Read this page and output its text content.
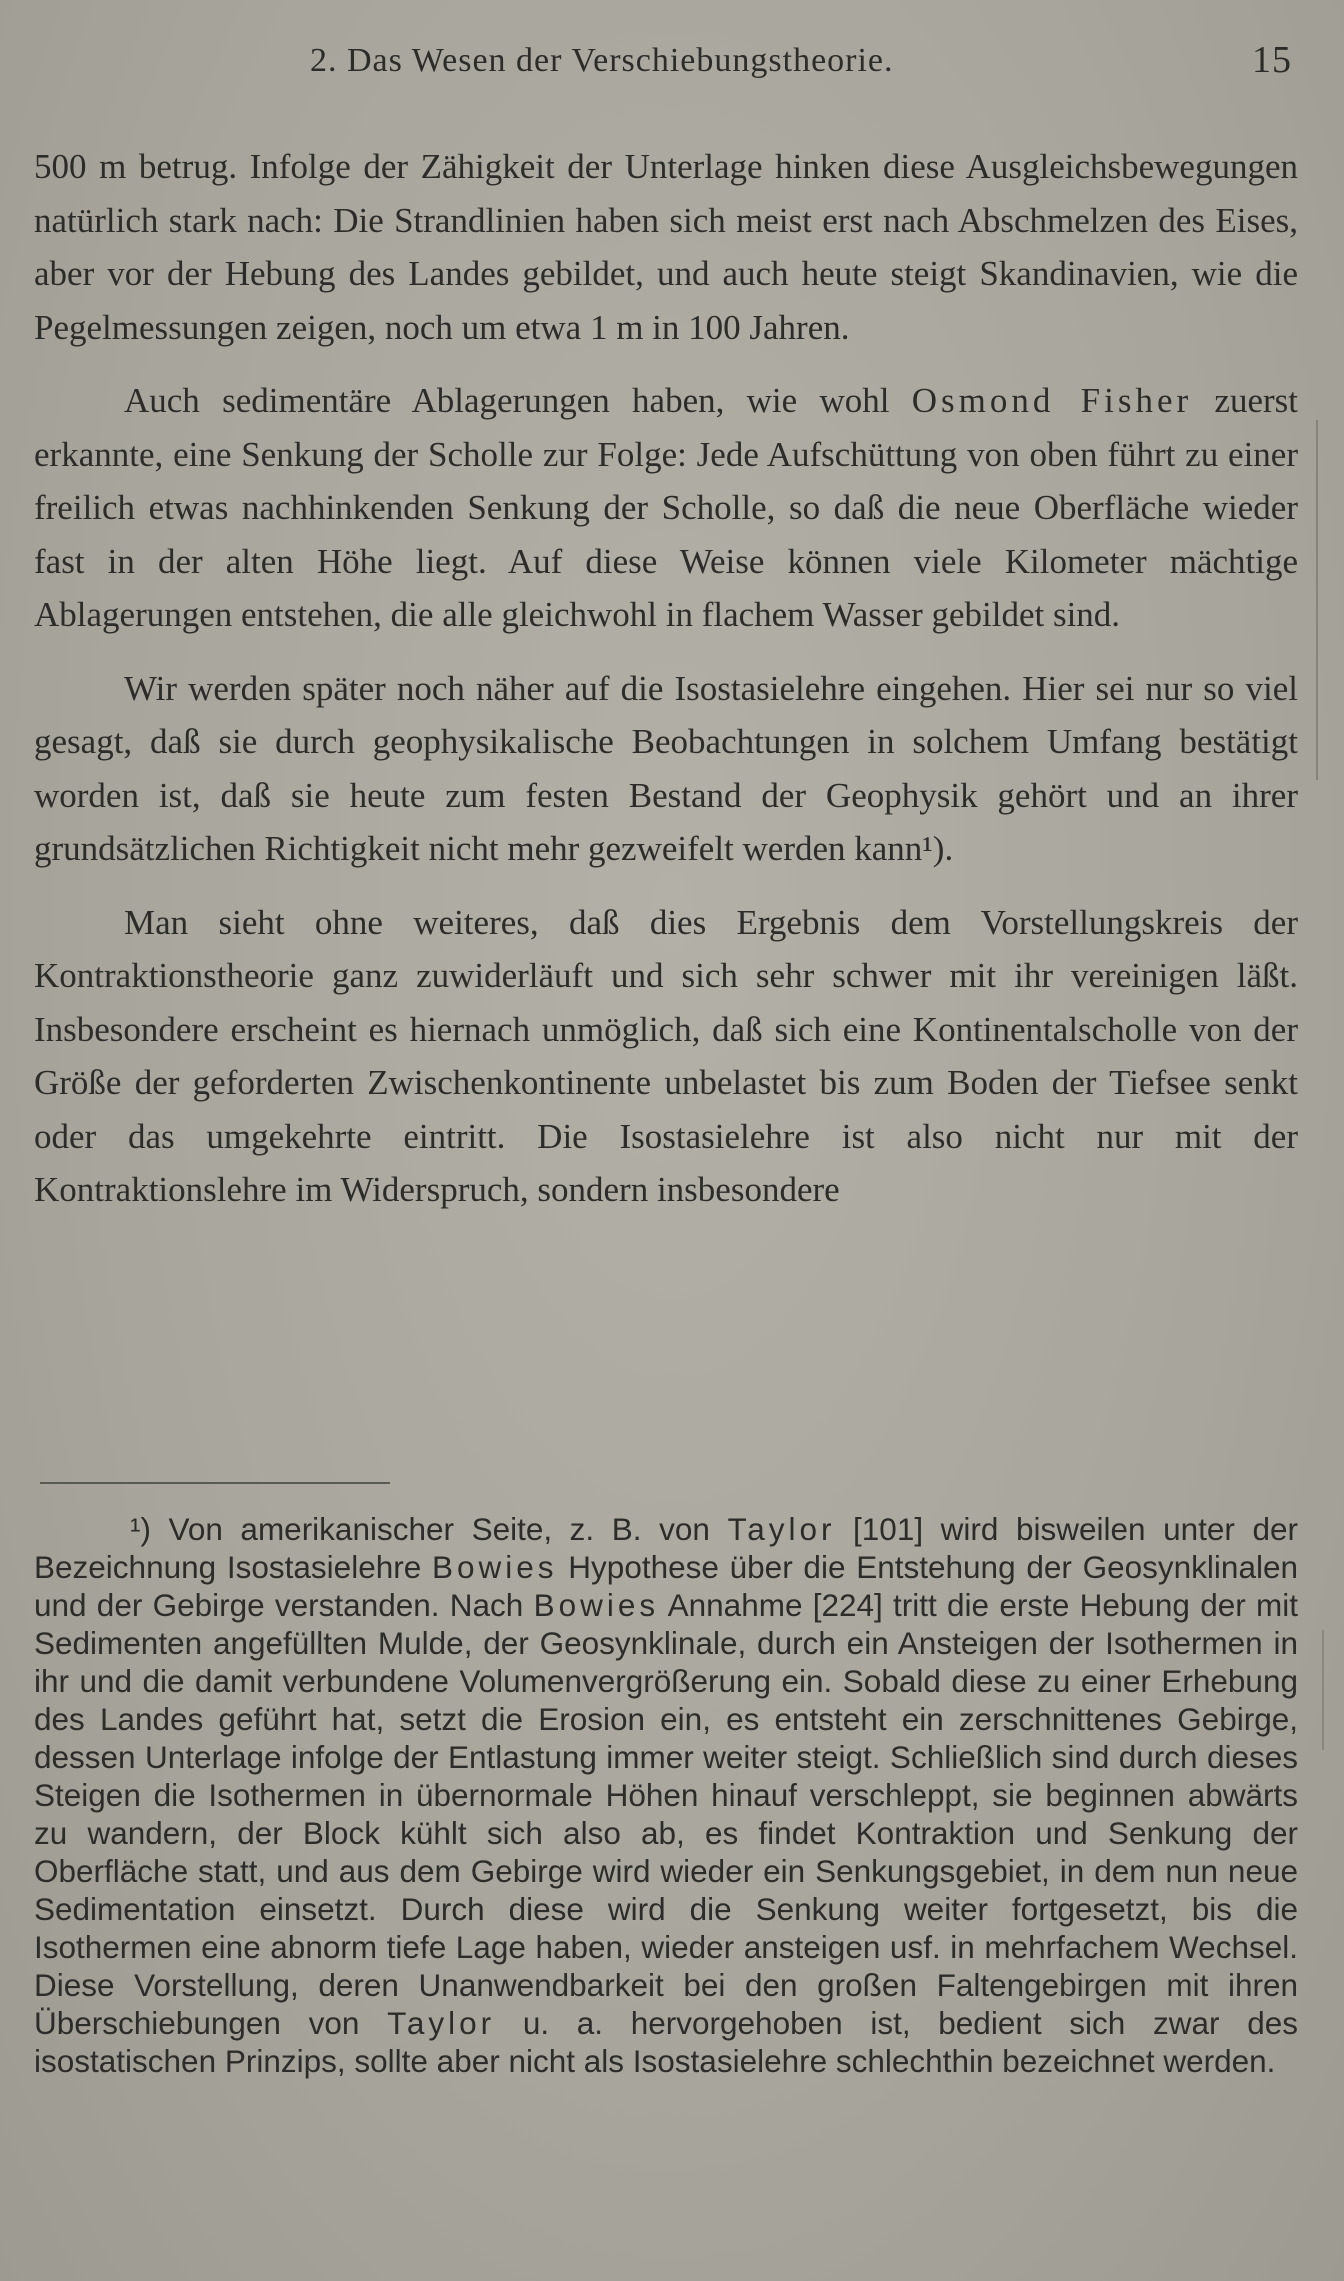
2. Das Wesen der Verschiebungstheorie.	15

500 m betrug. Infolge der Zähigkeit der Unterlage hinken diese Ausgleichsbewegungen natürlich stark nach: Die Strandlinien haben sich meist erst nach Abschmelzen des Eises, aber vor der Hebung des Landes gebildet, und auch heute steigt Skandinavien, wie die Pegelmessungen zeigen, noch um etwa 1 m in 100 Jahren.

Auch sedimentäre Ablagerungen haben, wie wohl Osmond Fisher zuerst erkannte, eine Senkung der Scholle zur Folge: Jede Aufschüttung von oben führt zu einer freilich etwas nachhinkenden Senkung der Scholle, so daß die neue Oberfläche wieder fast in der alten Höhe liegt. Auf diese Weise können viele Kilometer mächtige Ablagerungen entstehen, die alle gleichwohl in flachem Wasser gebildet sind.

Wir werden später noch näher auf die Isostasielehre eingehen. Hier sei nur so viel gesagt, daß sie durch geophysikalische Beobachtungen in solchem Umfang bestätigt worden ist, daß sie heute zum festen Bestand der Geophysik gehört und an ihrer grundsätzlichen Richtigkeit nicht mehr gezweifelt werden kann¹).

Man sieht ohne weiteres, daß dies Ergebnis dem Vorstellungskreis der Kontraktionstheorie ganz zuwiderläuft und sich sehr schwer mit ihr vereinigen läßt. Insbesondere erscheint es hiernach unmöglich, daß sich eine Kontinentalscholle von der Größe der geforderten Zwischenkontinente unbelastet bis zum Boden der Tiefsee senkt oder das umgekehrte eintritt. Die Isostasielehre ist also nicht nur mit der Kontraktionslehre im Widerspruch, sondern insbesondere

¹) Von amerikanischer Seite, z. B. von Taylor [101] wird bisweilen unter der Bezeichnung Isostasielehre Bowies Hypothese über die Entstehung der Geosynklinalen und der Gebirge verstanden. Nach Bowies Annahme [224] tritt die erste Hebung der mit Sedimenten angefüllten Mulde, der Geosynklinale, durch ein Ansteigen der Isothermen in ihr und die damit verbundene Volumenvergrößerung ein. Sobald diese zu einer Erhebung des Landes geführt hat, setzt die Erosion ein, es entsteht ein zerschnittenes Gebirge, dessen Unterlage infolge der Entlastung immer weiter steigt. Schließlich sind durch dieses Steigen die Isothermen in übernormale Höhen hinauf verschleppt, sie beginnen abwärts zu wandern, der Block kühlt sich also ab, es findet Kontraktion und Senkung der Oberfläche statt, und aus dem Gebirge wird wieder ein Senkungsgebiet, in dem nun neue Sedimentation einsetzt. Durch diese wird die Senkung weiter fortgesetzt, bis die Isothermen eine abnorm tiefe Lage haben, wieder ansteigen usf. in mehrfachem Wechsel. Diese Vorstellung, deren Unanwendbarkeit bei den großen Faltengebirgen mit ihren Überschiebungen von Taylor u. a. hervorgehoben ist, bedient sich zwar des isostatischen Prinzips, sollte aber nicht als Isostasielehre schlechthin bezeichnet werden.
